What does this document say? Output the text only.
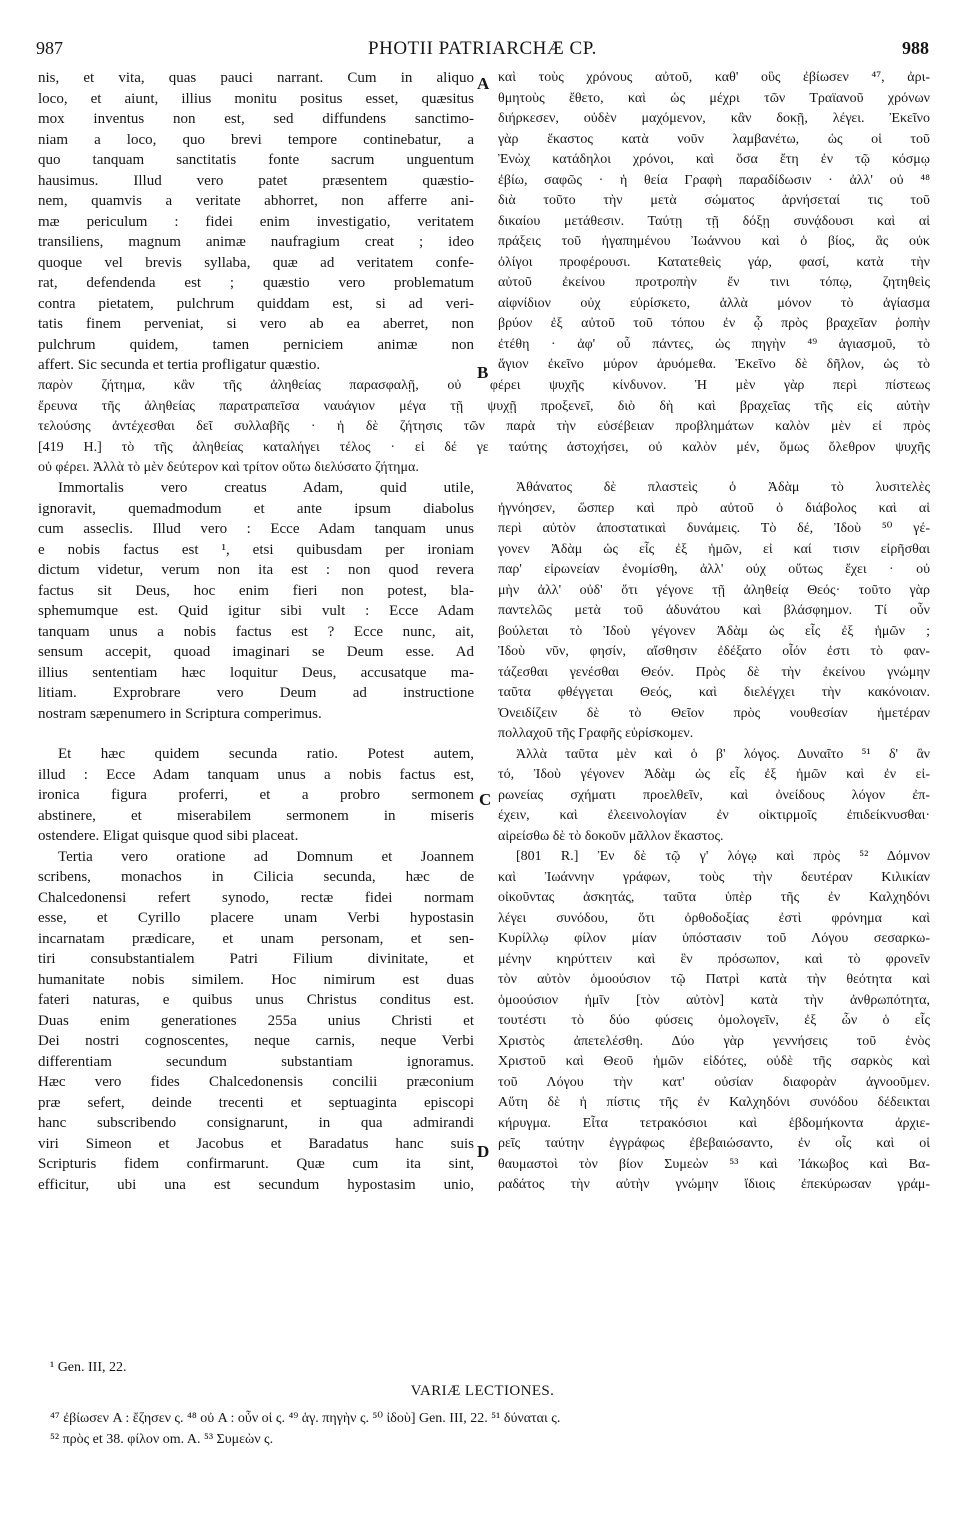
987	PHOTII PATRIARCHÆ CP.	988
A
B
C
D
nis, et vita, quas pauci narrant. Cum in aliquo
loco, et aiunt, illius monitu positus esset, quæsitus
mox inventus non est, sed diffundens sanctimo-
niam a loco, quo brevi tempore continebatur, a
quo tanquam sanctitatis fonte sacrum unguentum
hausimus. Illud vero patet præsentem quæstio-
nem, quamvis a veritate abhorret, non afferre ani-
mæ periculum : fidei enim investigatio, veritatem
transiliens, magnum animæ naufragium creat ; ideo
quoque vel brevis syllaba, quæ ad veritatem confe-
rat, defendenda est ; quæstio vero problematum
contra pietatem, pulchrum quiddam est, si ad veri-
tatis finem perveniat, si vero ab ea aberret, non
pulchrum quidem, tamen perniciem animæ non
affert. Sic secunda et tertia profligatur quæstio.
καὶ τοὺς χρόνους αὐτοῦ, καθ' οὓς ἐβίωσεν ⁴⁷, ἀρι-
θμητοὺς ἔθετο, καὶ ὡς μέχρι τῶν Τραϊανοῦ χρόνων
διήρκεσεν, οὐδὲν μαχόμενον, κἂν δοκῇ, λέγει. Ἐκεῖνο
γὰρ ἕκαστος κατὰ νοῦν λαμβανέτω, ὡς οἱ τοῦ
Ἐνὼχ κατάδηλοι χρόνοι, καὶ ὅσα ἔτη ἐν τῷ κόσμῳ
ἐβίω, σαφῶς · ἡ θεία Γραφὴ παραδίδωσιν · ἀλλ' οὐ ⁴⁸
διὰ τοῦτο τὴν μετὰ σώματος ἀρνήσεταί τις τοῦ
δικαίου μετάθεσιν. Ταύτῃ τῇ δόξῃ συνᾴδουσι καὶ αἱ
πράξεις τοῦ ἠγαπημένου Ἰωάννου καὶ ὁ βίος, ἃς οὐκ
ὀλίγοι προφέρουσι. Κατατεθεὶς γάρ, φασί, κατὰ τὴν
αὐτοῦ ἐκείνου προτροπὴν ἔν τινι τόπῳ, ζητηθεὶς
αἰφνίδιον οὐχ εὑρίσκετο, ἀλλὰ μόνον τὸ ἁγίασμα
βρύον ἐξ αὐτοῦ τοῦ τόπου ἐν ᾧ πρὸς βραχεῖαν ῥοπὴν
ἐτέθη · ἀφ' οὗ πάντες, ὡς πηγὴν ⁴⁹ ἁγιασμοῦ, τὸ
ἅγιον ἐκεῖνο μύρον ἀρυόμεθα. Ἐκεῖνο δὲ δῆλον, ὡς τὸ
παρὸν ζήτημα, κἂν τῆς ἀληθείας παρασφαλῇ, οὐ φέρει ψυχῆς κίνδυνον. Ἡ μὲν γὰρ περὶ πίστεως
ἔρευνα τῆς ἀληθείας παρατραπεῖσα ναυάγιον μέγα τῇ ψυχῇ προξενεῖ, διὸ δὴ καὶ βραχεῖας τῆς εἰς αὐτὴν
τελούσης ἀντέχεσθαι δεῖ συλλαβῆς · ἡ δὲ ζήτησις τῶν παρὰ τὴν εὐσέβειαν προβλημάτων καλὸν μὲν εἰ πρὸς
[419 H.] τὸ τῆς ἀληθείας καταλήγει τέλος · εἰ δέ γε ταύτης ἀστοχήσει, οὐ καλὸν μέν, ὅμως ὄλεθρον ψυχῆς
οὐ φέρει. Ἀλλὰ τὸ μὲν δεύτερον καὶ τρίτον οὕτω διελύσατο ζήτημα.
Immortalis vero creatus Adam, quid utile,
ignoravit, quemadmodum et ante ipsum diabolus
cum asseclis. Illud vero : Ecce Adam tanquam unus
e nobis factus est ¹, etsi quibusdam per ironiam
dictum videtur, verum non ita est : non quod revera
factus sit Deus, hoc enim fieri non potest, bla-
sphemumque est. Quid igitur sibi vult : Ecce Adam
tanquam unus a nobis factus est ? Ecce nunc, ait,
sensum accepit, quoad imaginari se Deum esse. Ad
illius sententiam hæc loquitur Deus, accusatque ma-
litiam. Exprobrare vero Deum ad instructione
nostram sæpenumero in Scriptura comperimus.
Et hæc quidem secunda ratio. Potest autem,
illud : Ecce Adam tanquam unus a nobis factus est,
ironica figura proferri, et a probro sermonem
abstinere, et miserabilem sermonem in miseris
ostendere. Eligat quisque quod sibi placeat.
Tertia vero oratione ad Domnum et Joannem
scribens, monachos in Cilicia secunda, hæc de
Chalcedonensi refert synodo, rectæ fidei normam
esse, et Cyrillo placere unam Verbi hypostasin
incarnatam prædicare, et unam personam, et sen-
tiri consubstantialem Patri Filium divinitate, et
humanitate nobis similem. Hoc nimirum est duas
fateri naturas, e quibus unus Christus conditus est.
Duas enim generationes 255a unius Christi et
Dei nostri cognoscentes, neque carnis, neque Verbi
differentiam secundum substantiam ignoramus.
Hæc vero fides Chalcedonensis concilii præconium
præ sefert, deinde trecenti et septuaginta episcopi
hanc subscribendo consignarunt, in qua admirandi
viri Simeon et Jacobus et Baradatus hanc suis
Scripturis fidem confirmarunt. Quæ cum ita sint,
efficitur, ubi una est secundum hypostasim unio,
Ἀθάνατος δὲ πλαστεὶς ὁ Ἀδὰμ τὸ λυσιτελὲς
ἠγνόησεν, ὥσπερ καὶ πρὸ αὐτοῦ ὁ διάβολος καὶ αἱ
περὶ αὐτὸν ἀποστατικαὶ δυνάμεις. Τὸ δέ, Ἰδοὺ ⁵⁰ γέ-
γονεν Ἀδὰμ ὡς εἷς ἐξ ἡμῶν, εἰ καί τισιν εἰρῆσθαι
παρ' εἰρωνείαν ἐνομίσθη, ἀλλ' οὐχ οὕτως ἔχει · οὐ
μὴν ἀλλ' οὐδ' ὅτι γέγονε τῇ ἀληθείᾳ Θεός· τοῦτο γὰρ
παντελῶς μετὰ τοῦ ἀδυνάτου καὶ βλάσφημον. Τί οὖν
βούλεται τὸ Ἰδοὺ γέγονεν Ἀδὰμ ὡς εἷς ἐξ ἡμῶν ;
Ἰδοὺ νῦν, φησίν, αἴσθησιν ἐδέξατο οἷόν ἐστι τὸ φαν-
τάζεσθαι γενέσθαι Θεόν. Πρὸς δὲ τὴν ἐκείνου γνώμην
ταῦτα φθέγγεται Θεός, καὶ διελέγχει τὴν κακόνοιαν.
Ὀνειδίζειν δὲ τὸ Θεῖον πρὸς νουθεσίαν ἡμετέραν
πολλαχοῦ τῆς Γραφῆς εὑρίσκομεν.
Ἀλλὰ ταῦτα μὲν καὶ ὁ β' λόγος. Δυναῖτο ⁵¹ δ' ἂν
τό, Ἰδοὺ γέγονεν Ἀδὰμ ὡς εἷς ἐξ ἡμῶν καὶ ἐν εἰ-
ρωνείας σχήματι προελθεῖν, καὶ ὀνείδους λόγον ἐπ-
έχειν, καὶ ἐλεεινολογίαν ἐν οἰκτιρμοῖς ἐπιδείκνυσθαι·
αἱρείσθω δὲ τὸ δοκοῦν μᾶλλον ἕκαστος.
[801 R.] Ἐν δὲ τῷ γ' λόγῳ καὶ πρὸς ⁵² Δόμνον
καὶ Ἰωάννην γράφων, τοὺς τὴν δευτέραν Κιλικίαν
οἰκοῦντας ἀσκητάς, ταῦτα ὑπὲρ τῆς ἐν Καλχηδόνι
λέγει συνόδου, ὅτι ὀρθοδοξίας ἐστὶ φρόνημα καὶ
Κυρίλλῳ φίλον μίαν ὑπόστασιν τοῦ Λόγου σεσαρκω-
μένην κηρύττειν καὶ ἓν πρόσωπον, καὶ τὸ φρονεῖν
τὸν αὐτὸν ὁμοούσιον τῷ Πατρὶ κατὰ τὴν θεότητα καὶ
ὁμοούσιον ἡμῖν [τὸν αὐτὸν] κατὰ τὴν ἀνθρωπότητα,
τουτέστι τὸ δύο φύσεις ὁμολογεῖν, ἐξ ὧν ὁ εἷς
Χριστὸς ἀπετελέσθη. Δύο γὰρ γεννήσεις τοῦ ἑνὸς
Χριστοῦ καὶ Θεοῦ ἡμῶν εἰδότες, οὐδὲ τῆς σαρκὸς καὶ
τοῦ Λόγου τὴν κατ' οὐσίαν διαφορὰν ἀγνοοῦμεν.
Αὕτη δὲ ἡ πίστις τῆς ἐν Καλχηδόνι συνόδου δέδεικται
κήρυγμα. Εἶτα τετρακόσιοι καὶ ἑβδομήκοντα ἀρχιε-
ρεῖς ταύτην ἐγγράφως ἐβεβαιώσαντο, ἐν οἷς καὶ οἱ
θαυμαστοὶ τὸν βίον Συμεὼν ⁵³ καὶ Ἰάκωβος καὶ Βα-
ραδάτος τὴν αὐτὴν γνώμην ἴδιοις ἐπεκύρωσαν γράμ-
¹ Gen. III, 22.
VARIÆ LECTIONES.
⁴⁷ ἐβίωσεν A : ἔζησεν ς. ⁴⁸ οὐ A : οὖν οἱ ς. ⁴⁹ ἁγ. πηγὴν ς. ⁵⁰ ἰδοὺ] Gen. III, 22. ⁵¹ δύναται ς.
⁵² πρὸς et 38. φίλον om. A. ⁵³ Συμεὼν ς.
